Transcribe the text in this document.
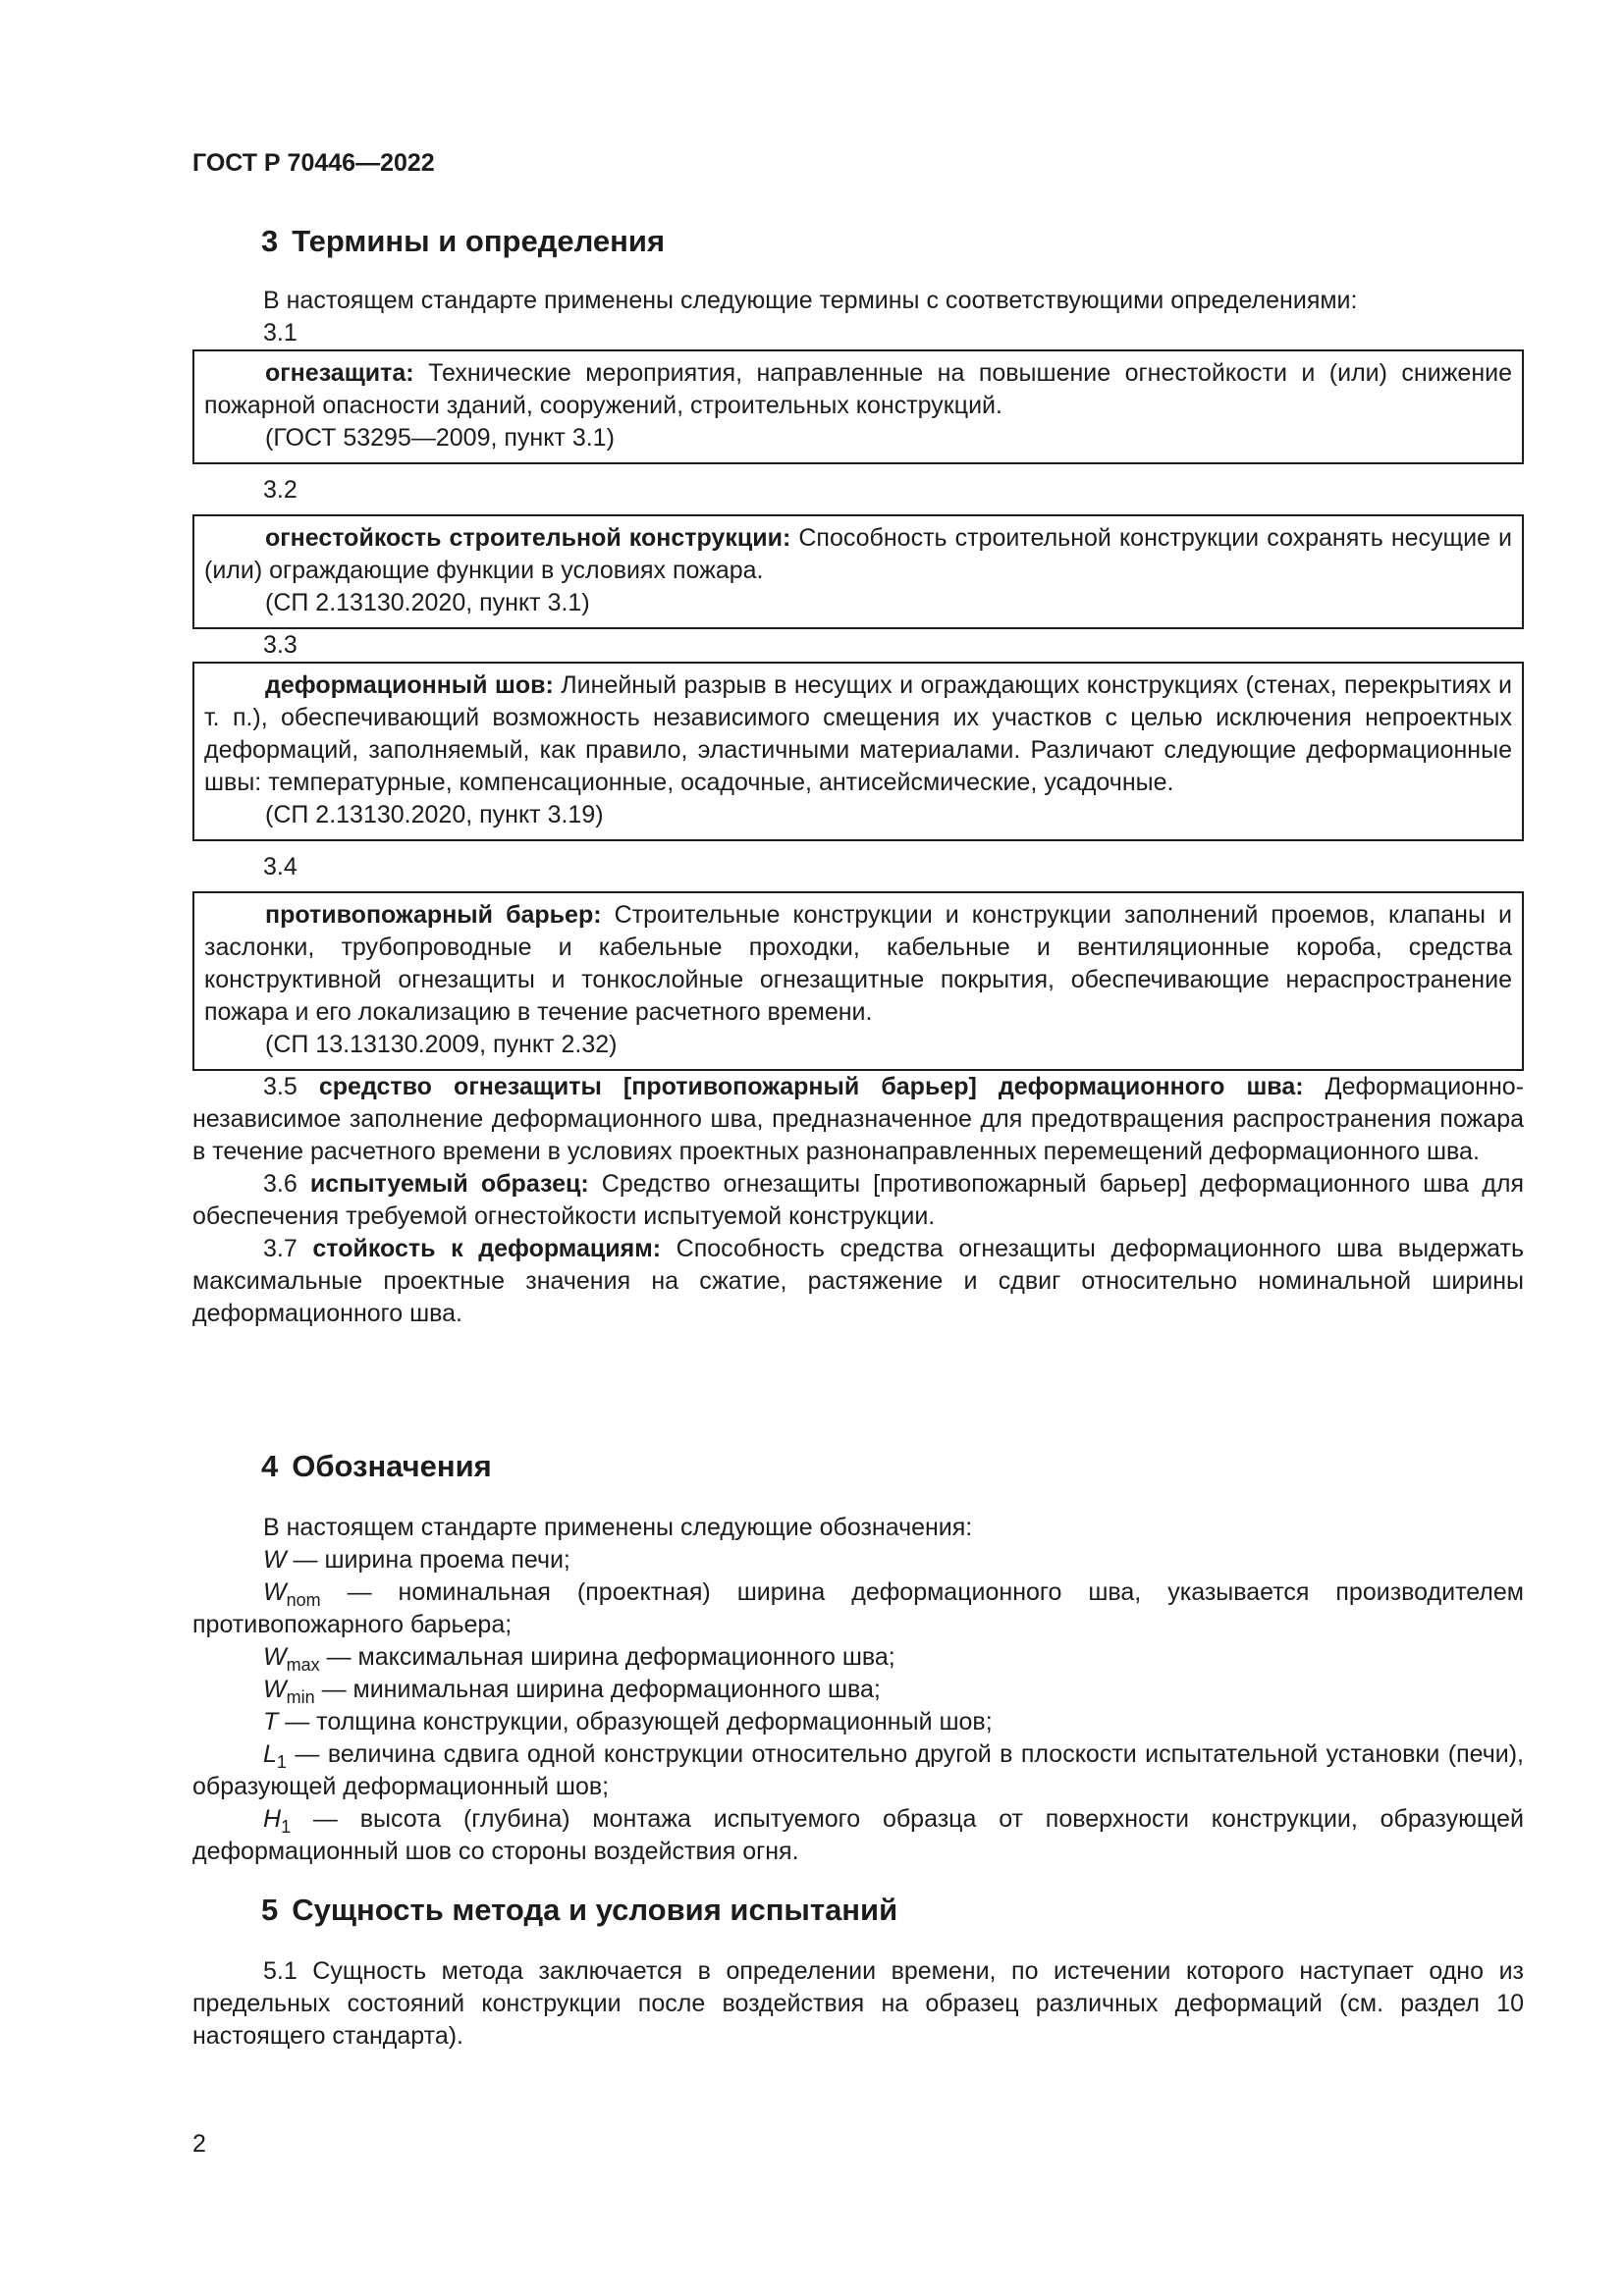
ГОСТ Р 70446—2022
3 Термины и определения

В настоящем стандарте применены следующие термины с соответствующими определениями:

3.1

огнезащита: Технические мероприятия, направленные на повышение огнестойкости и (или) снижение пожарной опасности зданий, сооружений, строительных конструкций.

(ГОСТ 53295—2009, пункт 3.1)
3.2

огнестойкость строительной конструкции: Способность строительной конструкции сохранять несущие и (или) ограждающие функции в условиях пожара.

(СП 2.13130.2020, пункт 3.1)
3.3

деформационный шов: Линейный разрыв в несущих и ограждающих конструкциях (стенах, перекрытиях и т. п.), обеспечивающий возможность независимого смещения их участков с целью исключения непроектных деформаций, заполняемый, как правило, эластичными материалами. Различают следующие деформационные швы: температурные, компенсационные, осадочные, антисейсмические, усадочные.

(СП 2.13130.2020, пункт 3.19)
3.4

противопожарный барьер: Строительные конструкции и конструкции заполнений проемов, клапаны и заслонки, трубопроводные и кабельные проходки, кабельные и вентиляционные короба, средства конструктивной огнезащиты и тонкослойные огнезащитные покрытия, обеспечивающие нераспространение пожара и его локализацию в течение расчетного времени.

(СП 13.13130.2009, пункт 2.32)

3.5 средство огнезащиты [противопожарный барьер] деформационного шва: Деформационно-независимое заполнение деформационного шва, предназначенное для предотвращения распространения пожара в течение расчетного времени в условиях проектных разнонаправленных перемещений деформационного шва.

3.6 испытуемый образец: Средство огнезащиты [противопожарный барьер] деформационного шва для обеспечения требуемой огнестойкости испытуемой конструкции.

3.7 стойкость к деформациям: Способность средства огнезащиты деформационного шва выдержать максимальные проектные значения на сжатие, растяжение и сдвиг относительно номинальной ширины деформационного шва.

4 Обозначения

В настоящем стандарте применены следующие обозначения:

W — ширина проема печи;

$W_{nom}$ — номинальная (проектная) ширина деформационного шва, указывается производителем противопожарного барьера;

$W_{max}$ — максимальная ширина деформационного шва;

$W_{min}$ — минимальная ширина деформационного шва;

T — толщина конструкции, образующей деформационный шов;

$L_1$ — величина сдвига одной конструкции относительно другой в плоскости испытательной установки (печи), образующей деформационный шов;

$H_1$ — высота (глубина) монтажа испытуемого образца от поверхности конструкции, образующей деформационный шов со стороны воздействия огня.

5 Сущность метода и условия испытаний

5.1 Сущность метода заключается в определении времени, по истечении которого наступает одно из предельных состояний конструкции после воздействия на образец различных деформаций (см. раздел 10 настоящего стандарта).

2
